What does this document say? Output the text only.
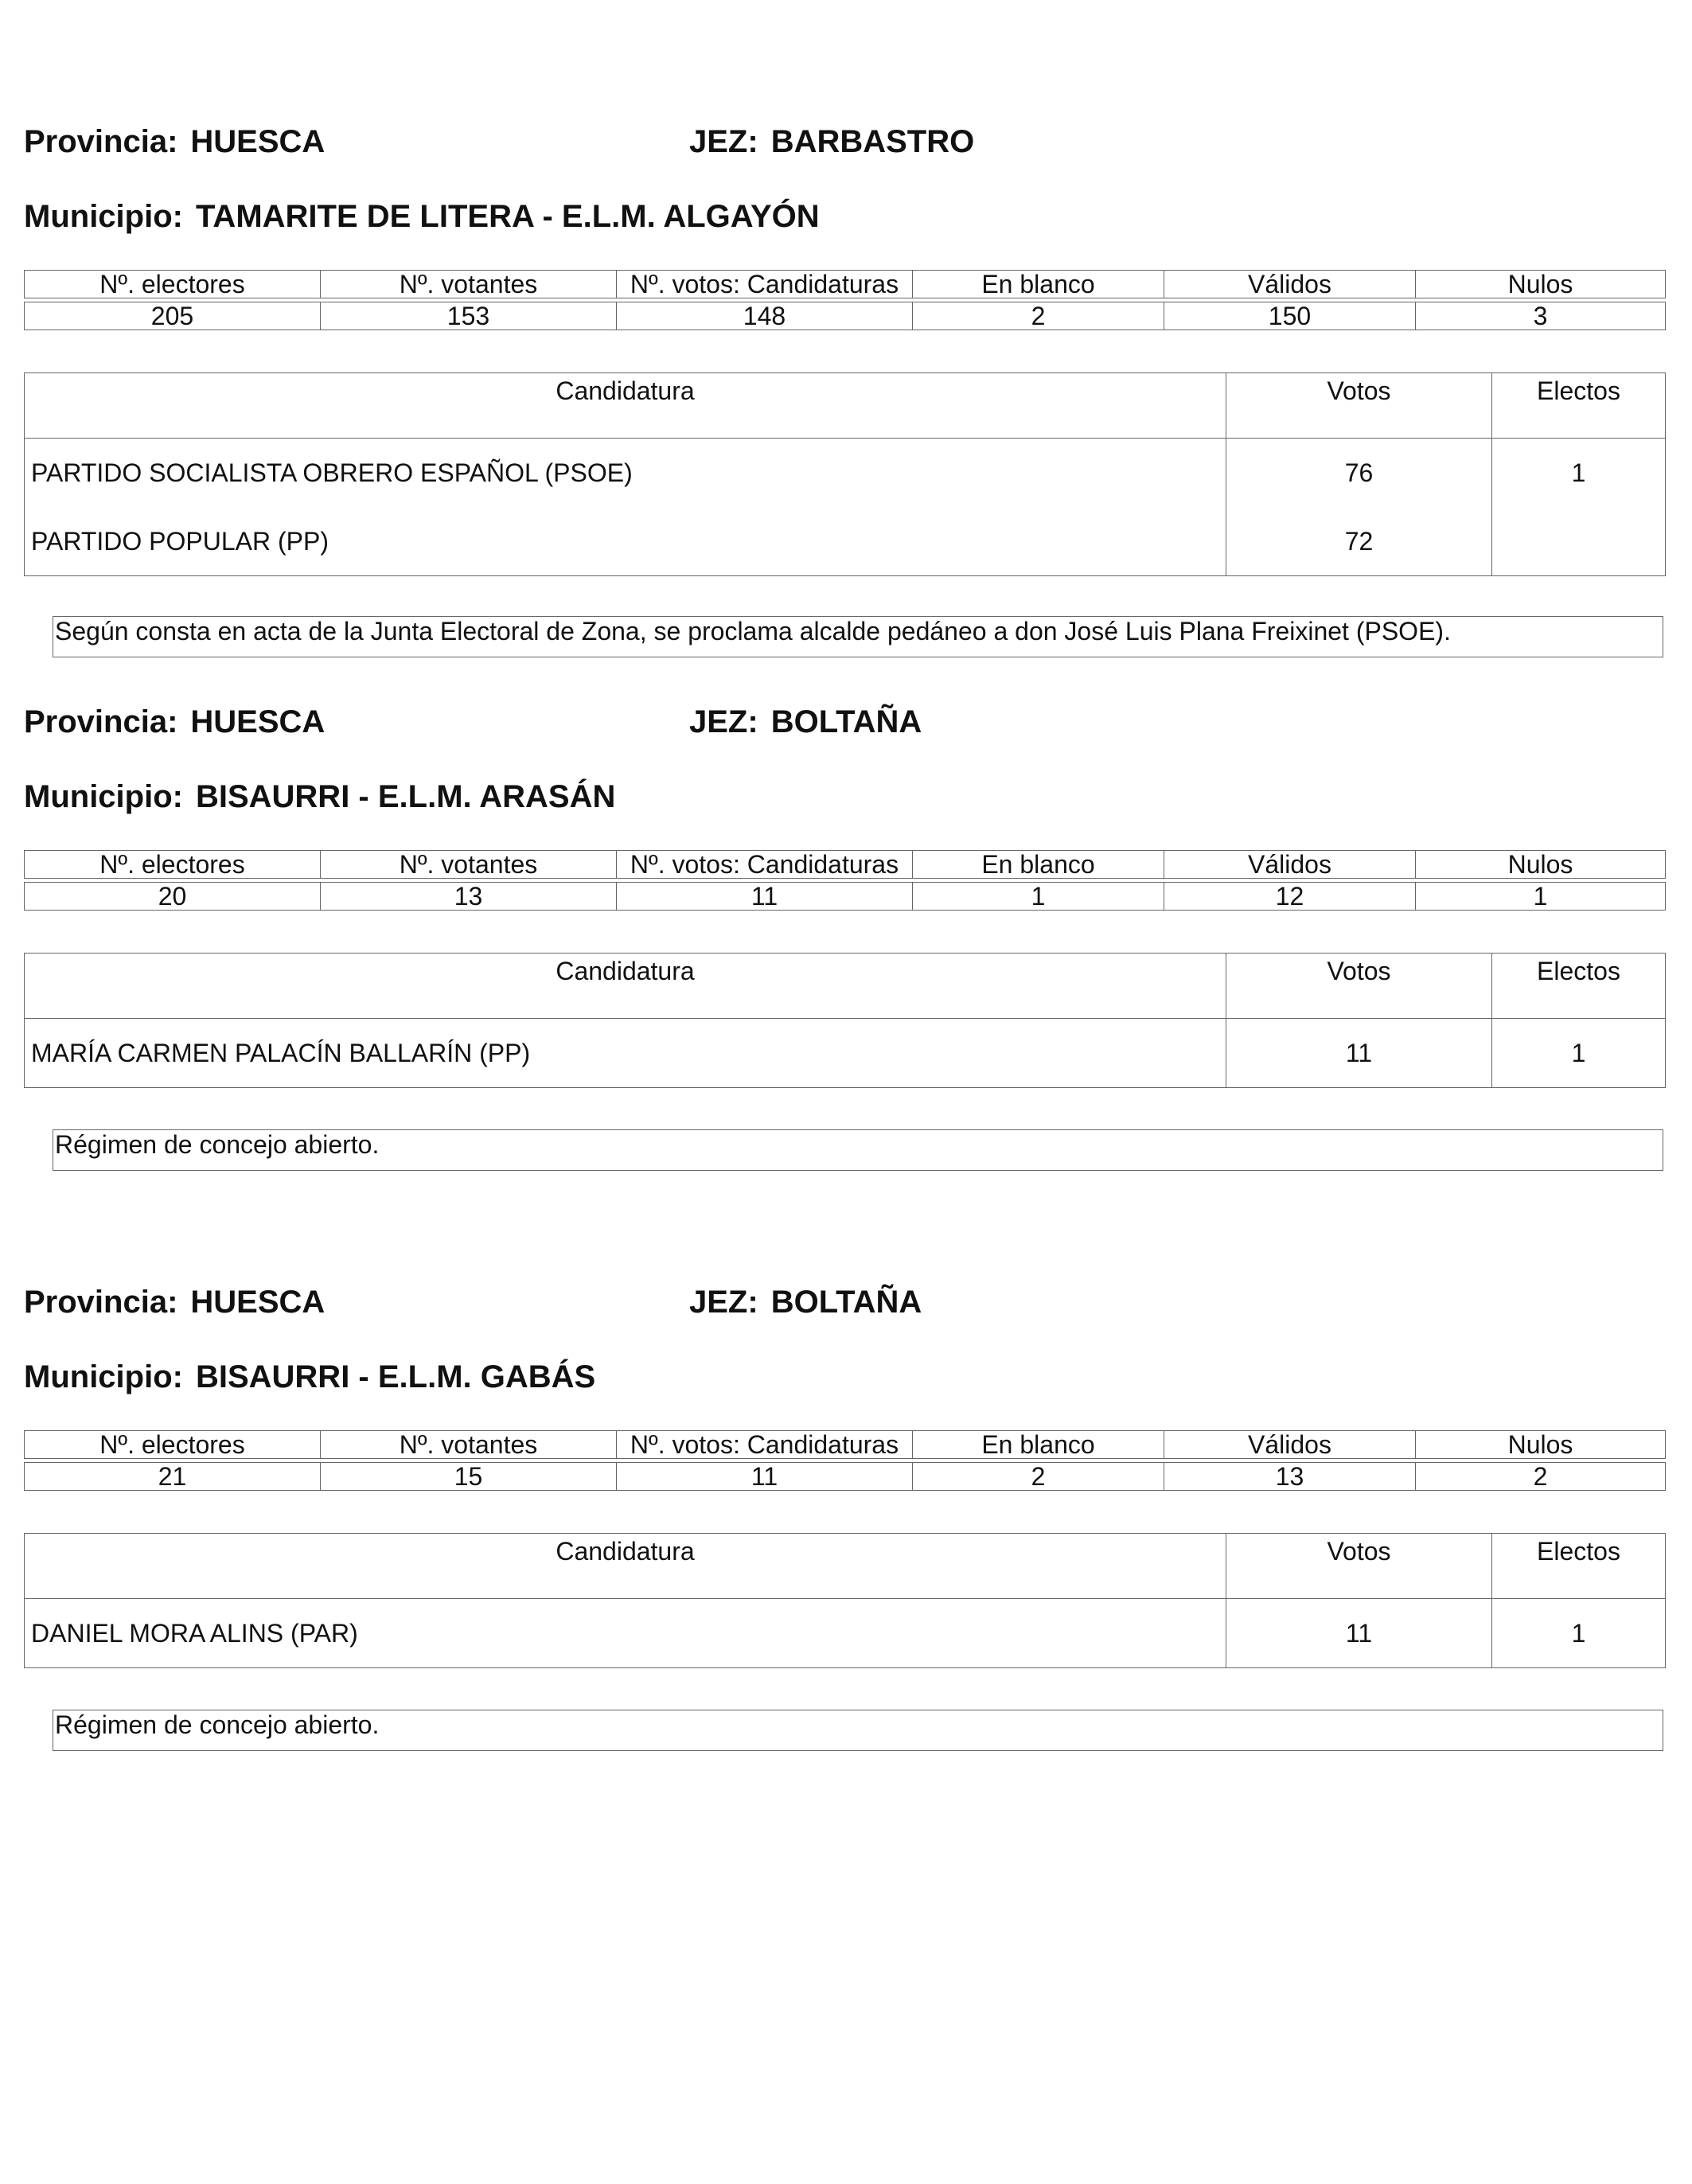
Provincia: HUESCA	JEZ: BARBASTRO
Municipio: TAMARITE DE LITERA - E.L.M. ALGAYÓN
Nº. electores	Nº. votantes	Nº. votos: Candidaturas	En blanco	Válidos	Nulos

205	153	148	2	150	3
Candidatura	Votos	Electos
PARTIDO SOCIALISTA OBRERO ESPAÑOL (PSOE)	76	1
PARTIDO POPULAR (PP)	72	
Según consta en acta de la Junta Electoral de Zona, se proclama alcalde pedáneo a don José Luis Plana Freixinet (PSOE).
Provincia: HUESCA	JEZ: BOLTAÑA
Municipio: BISAURRI - E.L.M. ARASÁN
Nº. electores	Nº. votantes	Nº. votos: Candidaturas	En blanco	Válidos	Nulos

20	13	11	1	12	1
Candidatura	Votos	Electos
MARÍA CARMEN PALACÍN BALLARÍN (PP)	11	1
Régimen de concejo abierto.
Provincia: HUESCA	JEZ: BOLTAÑA
Municipio: BISAURRI - E.L.M. GABÁS
Nº. electores	Nº. votantes	Nº. votos: Candidaturas	En blanco	Válidos	Nulos

21	15	11	2	13	2
Candidatura	Votos	Electos
DANIEL MORA ALINS (PAR)	11	1
Régimen de concejo abierto.
